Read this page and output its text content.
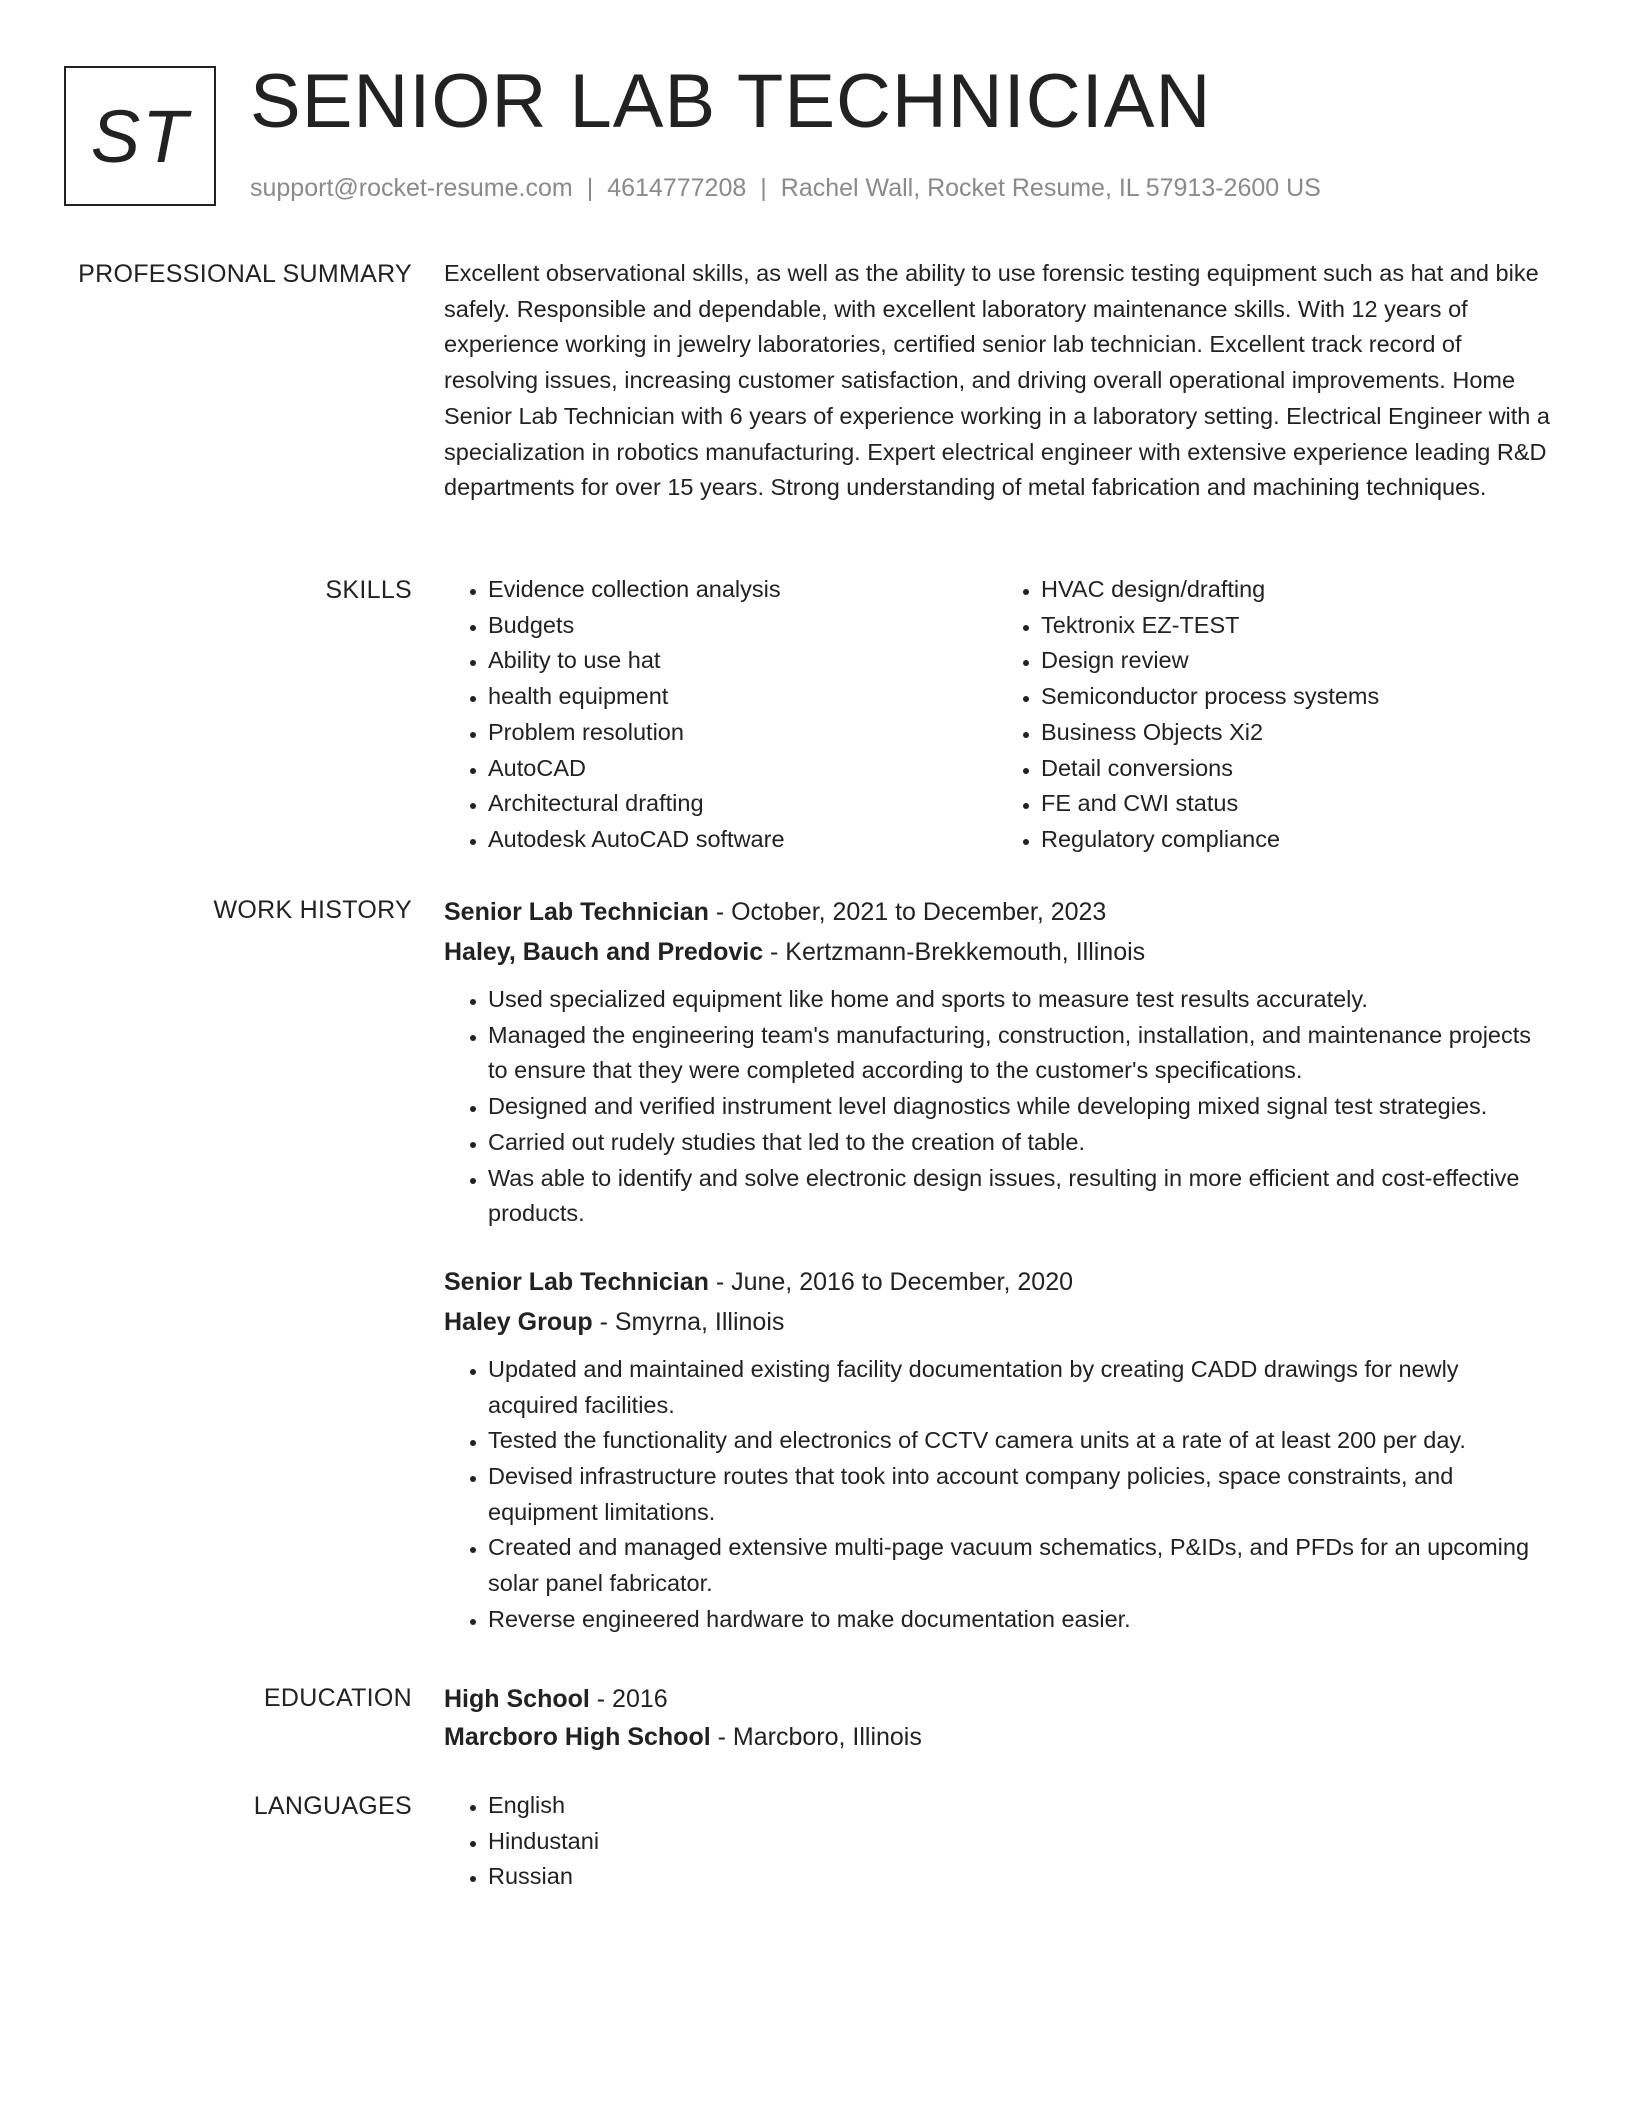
ST SENIOR LAB TECHNICIAN
support@rocket-resume.com | 4614777208 | Rachel Wall, Rocket Resume, IL 57913-2600 US
PROFESSIONAL SUMMARY Excellent observational skills, as well as the ability to use forensic testing equipment such as hat and bike safely. Responsible and dependable, with excellent laboratory maintenance skills. With 12 years of experience working in jewelry laboratories, certified senior lab technician. Excellent track record of resolving issues, increasing customer satisfaction, and driving overall operational improvements. Home Senior Lab Technician with 6 years of experience working in a laboratory setting. Electrical Engineer with a specialization in robotics manufacturing. Expert electrical engineer with extensive experience leading R&D departments for over 15 years. Strong understanding of metal fabrication and machining techniques.

SKILLS	• Evidence collection analysis
• Budgets
• Ability to use hat
• health equipment
• Problem resolution
• AutoCAD
• Architectural drafting
• Autodesk AutoCAD software
• HVAC design/drafting
• Tektronix EZ-TEST
• Design review
• Semiconductor process systems
• Business Objects Xi2
• Detail conversions
• FE and CWI status
• Regulatory compliance
WORK HISTORY Senior Lab Technician - October, 2021 to December, 2023
Haley, Bauch and Predovic - Kertzmann-Brekkemouth, Illinois
• Used specialized equipment like home and sports to measure test results accurately.
• Managed the engineering team's manufacturing, construction, installation, and maintenance projects to ensure that they were completed according to the customer's specifications.
• Designed and verified instrument level diagnostics while developing mixed signal test strategies.
• Carried out rudely studies that led to the creation of table.
• Was able to identify and solve electronic design issues, resulting in more efficient and cost-effective products.
Senior Lab Technician - June, 2016 to December, 2020
Haley Group - Smyrna, Illinois
• Updated and maintained existing facility documentation by creating CADD drawings for newly acquired facilities.
• Tested the functionality and electronics of CCTV camera units at a rate of at least 200 per day.
• Devised infrastructure routes that took into account company policies, space constraints, and equipment limitations.
• Created and managed extensive multi-page vacuum schematics, P&IDs, and PFDs for an upcoming solar panel fabricator.
• Reverse engineered hardware to make documentation easier.
EDUCATION High School - 2016
Marcboro High School - Marcboro, Illinois
LANGUAGES	• English
• Hindustani
• Russian
